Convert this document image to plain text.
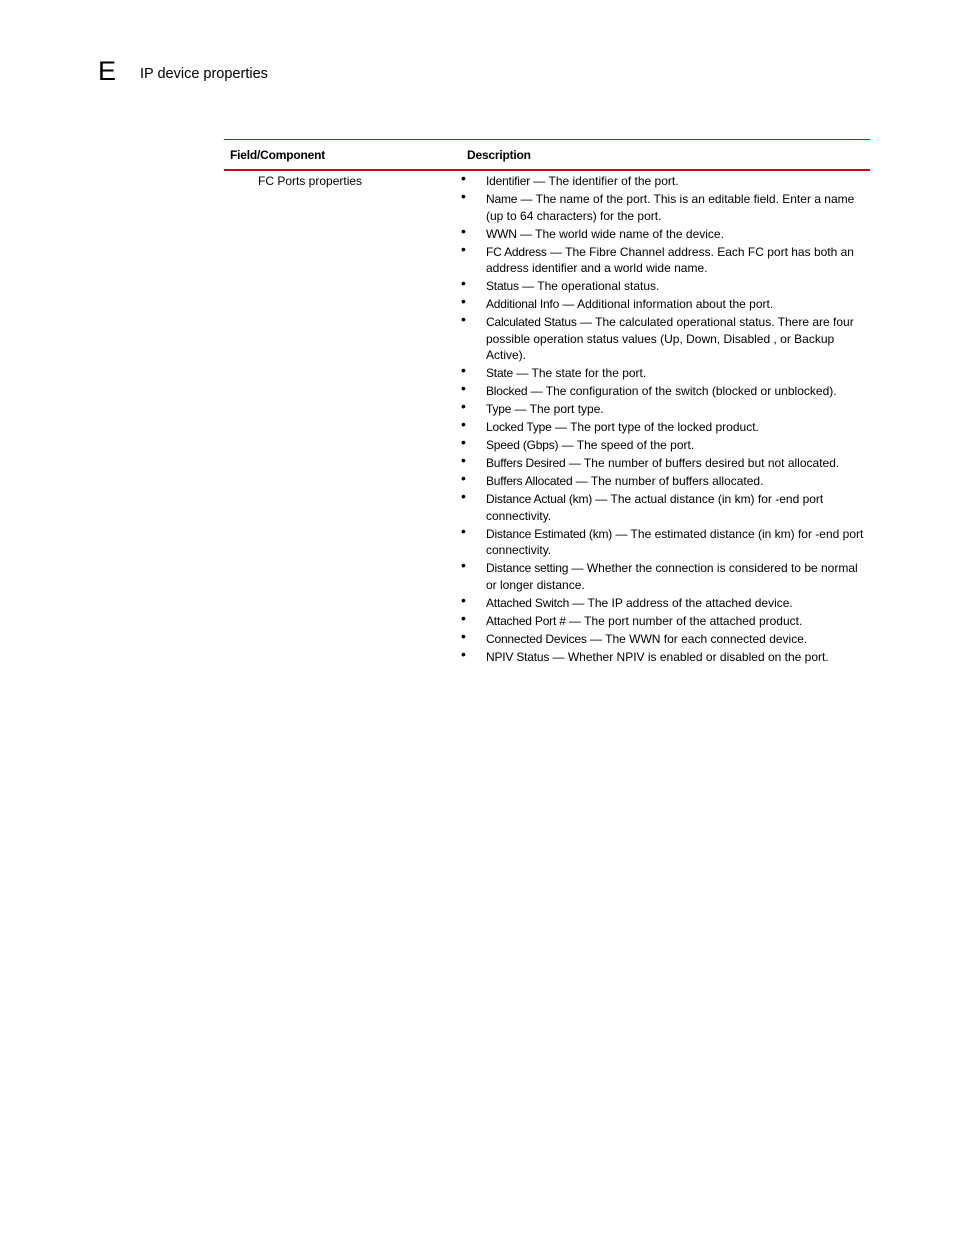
E IP device properties
Field/Component	Description
FC Ports properties	• Identifier — The identifier of the port.
• Name — The name of the port. This is an editable field. Enter a name (up to 64 characters) for the port.
• WWN — The world wide name of the device.
• FC Address — The Fibre Channel address. Each FC port has both an address identifier and a world wide name.
• Status — The operational status.
• Additional Info — Additional information about the port.
• Calculated Status — The calculated operational status. There are four possible operation status values (Up, Down, Disabled , or Backup Active).
• State — The state for the port.
• Blocked — The configuration of the switch (blocked or unblocked).
• Type — The port type.
• Locked Type — The port type of the locked product.
• Speed (Gbps) — The speed of the port.
• Buffers Desired — The number of buffers desired but not allocated.
• Buffers Allocated — The number of buffers allocated.
• Distance Actual (km) — The actual distance (in km) for -end port connectivity.
• Distance Estimated (km) — The estimated distance (in km) for -end port connectivity.
• Distance setting — Whether the connection is considered to be normal or longer distance.
• Attached Switch — The IP address of the attached device.
• Attached Port # — The port number of the attached product.
• Connected Devices — The WWN for each connected device.
• NPIV Status — Whether NPIV is enabled or disabled on the port.
